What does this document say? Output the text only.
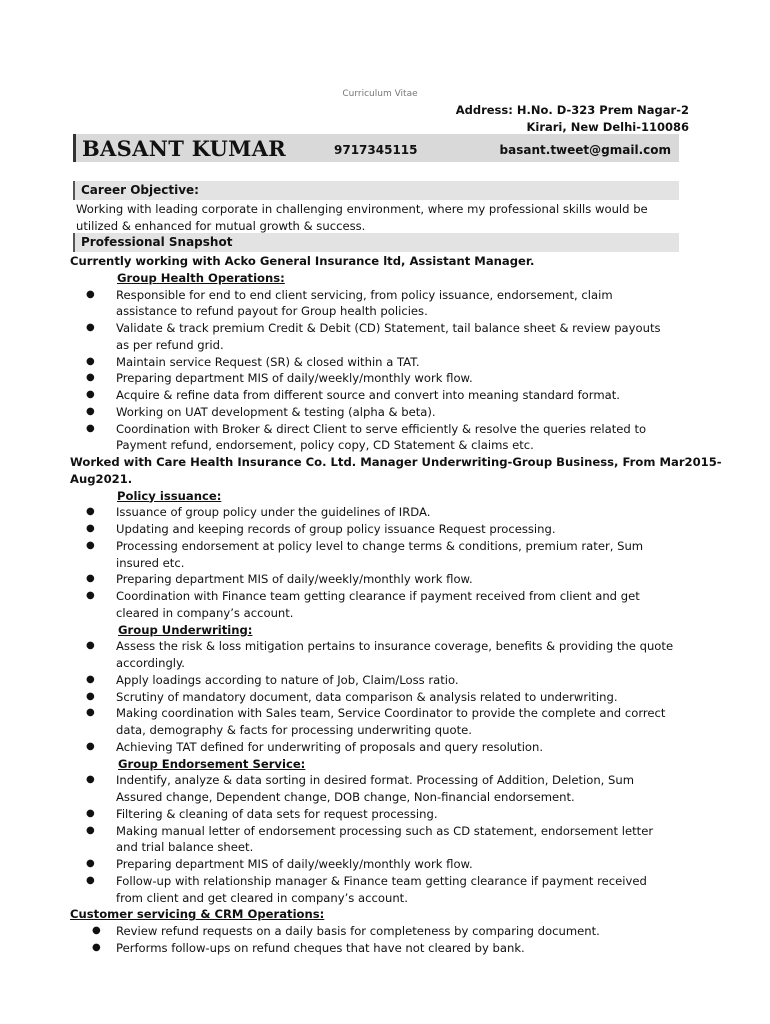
Curriculum Vitae
Address: H.No. D-323 Prem Nagar-2
Kirari, New Delhi-110086
BASANT KUMAR	9717345115	basant.tweet@gmail.com
Career Objective:
Working with leading corporate in challenging environment, where my professional skills would be
utilized & enhanced for mutual growth & success.
Professional Snapshot
Currently working with Acko General Insurance ltd, Assistant Manager.
Group Health Operations:
● Responsible for end to end client servicing, from policy issuance, endorsement, claim
assistance to refund payout for Group health policies.
● Validate & track premium Credit & Debit (CD) Statement, tail balance sheet & review payouts
as per refund grid.
● Maintain service Request (SR) & closed within a TAT.
● Preparing department MIS of daily/weekly/monthly work flow.
● Acquire & refine data from different source and convert into meaning standard format.
● Working on UAT development & testing (alpha & beta).
● Coordination with Broker & direct Client to serve efficiently & resolve the queries related to
Payment refund, endorsement, policy copy, CD Statement & claims etc.
Worked with Care Health Insurance Co. Ltd. Manager Underwriting-Group Business, From Mar2015-
Aug2021.
Policy issuance:
● Issuance of group policy under the guidelines of IRDA.
● Updating and keeping records of group policy issuance Request processing.
● Processing endorsement at policy level to change terms & conditions, premium rater, Sum
insured etc.
● Preparing department MIS of daily/weekly/monthly work flow.
● Coordination with Finance team getting clearance if payment received from client and get
cleared in company’s account.
Group Underwriting:
● Assess the risk & loss mitigation pertains to insurance coverage, benefits & providing the quote
accordingly.
● Apply loadings according to nature of Job, Claim/Loss ratio.
● Scrutiny of mandatory document, data comparison & analysis related to underwriting.
● Making coordination with Sales team, Service Coordinator to provide the complete and correct
data, demography & facts for processing underwriting quote.
● Achieving TAT defined for underwriting of proposals and query resolution.
Group Endorsement Service:
● Indentify, analyze & data sorting in desired format. Processing of Addition, Deletion, Sum
Assured change, Dependent change, DOB change, Non-financial endorsement.
● Filtering & cleaning of data sets for request processing.
● Making manual letter of endorsement processing such as CD statement, endorsement letter
and trial balance sheet.
● Preparing department MIS of daily/weekly/monthly work flow.
● Follow-up with relationship manager & Finance team getting clearance if payment received
from client and get cleared in company’s account.
Customer servicing & CRM Operations:
● Review refund requests on a daily basis for completeness by comparing document.
● Performs follow-ups on refund cheques that have not cleared by bank.
